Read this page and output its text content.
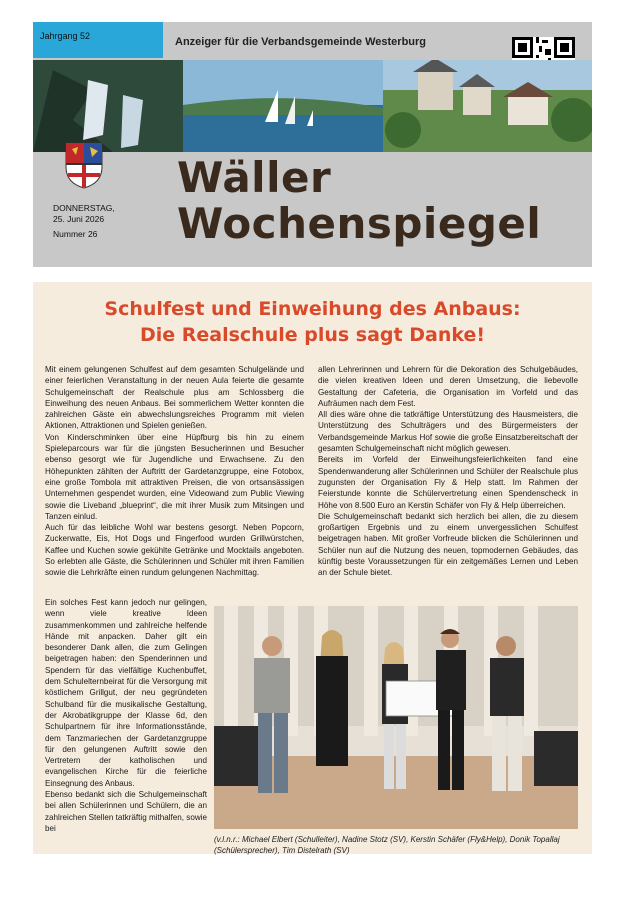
Jahrgang 52	Anzeiger für die Verbandsgemeinde Westerburg
DONNERSTAG,
25. Juni 2026
Nummer 26
Wäller
Wochenspiegel
Schulfest und Einweihung des Anbaus:
Die Realschule plus sagt Danke!

Mit einem gelungenen Schulfest auf dem gesamten Schulgelände und einer feierlichen Veranstaltung in der neuen Aula feierte die gesamte Schulgemeinschaft der Realschule plus am Schlossberg die Einweihung des neuen Anbaus. Bei sommerlichem Wetter konnten die zahlreichen Gäste ein abwechslungsreiches Programm mit vielen Aktionen, Attraktionen und Spielen genießen.

Von Kinderschminken über eine Hüpfburg bis hin zu einem Spieleparcours war für die jüngsten Besucherinnen und Besucher ebenso gesorgt wie für Jugendliche und Erwachsene. Zu den Höhepunkten zählten der Auftritt der Gardetanzgruppe, eine Fotobox, eine große Tombola mit attraktiven Preisen, die von ortsansässigen Unternehmen gespendet wurden, eine Videowand zum Public Viewing sowie die Liveband „blueprint“, die mit ihrer Musik zum Mitsingen und Tanzen einlud.

Auch für das leibliche Wohl war bestens gesorgt. Neben Popcorn, Zuckerwatte, Eis, Hot Dogs und Fingerfood wurden Grillwürstchen, Kaffee und Kuchen sowie gekühlte Getränke und Mocktails angeboten. So erlebten alle Gäste, die Schülerinnen und Schüler mit ihren Familien sowie die Lehrkräfte einen rundum gelungenen Nachmittag.

Ein solches Fest kann jedoch nur gelingen, wenn viele kreative Ideen zusammenkommen und zahlreiche helfende Hände mit anpacken. Daher gilt ein besonderer Dank allen, die zum Gelingen beigetragen haben: den Spenderinnen und Spendern für das vielfältige Kuchenbuffet, dem Schulelternbeirat für die Versorgung mit köstlichem Grillgut, der neu gegründeten Schulband für die musikalische Gestaltung, der Akrobatikgruppe der Klasse 6d, den Schulpartnern für ihre Informationsstände, dem Tanzmariechen der Gardetanzgruppe für den gelungenen Auftritt sowie den Vertretern der katholischen und evangelischen Kirche für die feierliche Einsegnung des Anbaus.

Ebenso bedankt sich die Schulgemeinschaft bei allen Schülerinnen und Schülern, die an zahlreichen Stellen tatkräftig mithalfen, sowie bei

allen Lehrerinnen und Lehrern für die Dekoration des Schulgebäudes, die vielen kreativen Ideen und deren Umsetzung, die liebevolle Gestaltung der Cafeteria, die Organisation im Vorfeld und das Aufräumen nach dem Fest.

All dies wäre ohne die tatkräftige Unterstützung des Hausmeisters, die Unterstützung des Schulträgers und des Bürgermeisters der Verbandsgemeinde Markus Hof sowie die große Einsatzbereitschaft der gesamten Schulgemeinschaft nicht möglich gewesen.

Bereits im Vorfeld der Einweihungsfeierlichkeiten fand eine Spendenwanderung aller Schülerinnen und Schüler der Realschule plus zugunsten der Organisation Fly & Help statt. Im Rahmen der Feierstunde konnte die Schülervertretung einen Spendenscheck in Höhe von 8.500 Euro an Kerstin Schäfer von Fly & Help überreichen.

Die Schulgemeinschaft bedankt sich herzlich bei allen, die zu diesem großartigen Ergebnis und zu einem unvergesslichen Schulfest beigetragen haben. Mit großer Vorfreude blicken die Schülerinnen und Schüler nun auf die Nutzung des neuen, topmodernen Gebäudes, das künftig beste Voraussetzungen für ein zeitgemäßes Lernen und Leben an der Schule bietet.

(v.l.n.r.: Michael Elbert (Schulleiter), Nadine Stotz (SV), Kerstin Schäfer (Fly&Help), Donik Topallaj (Schülersprecher), Tim Distelrath (SV)
